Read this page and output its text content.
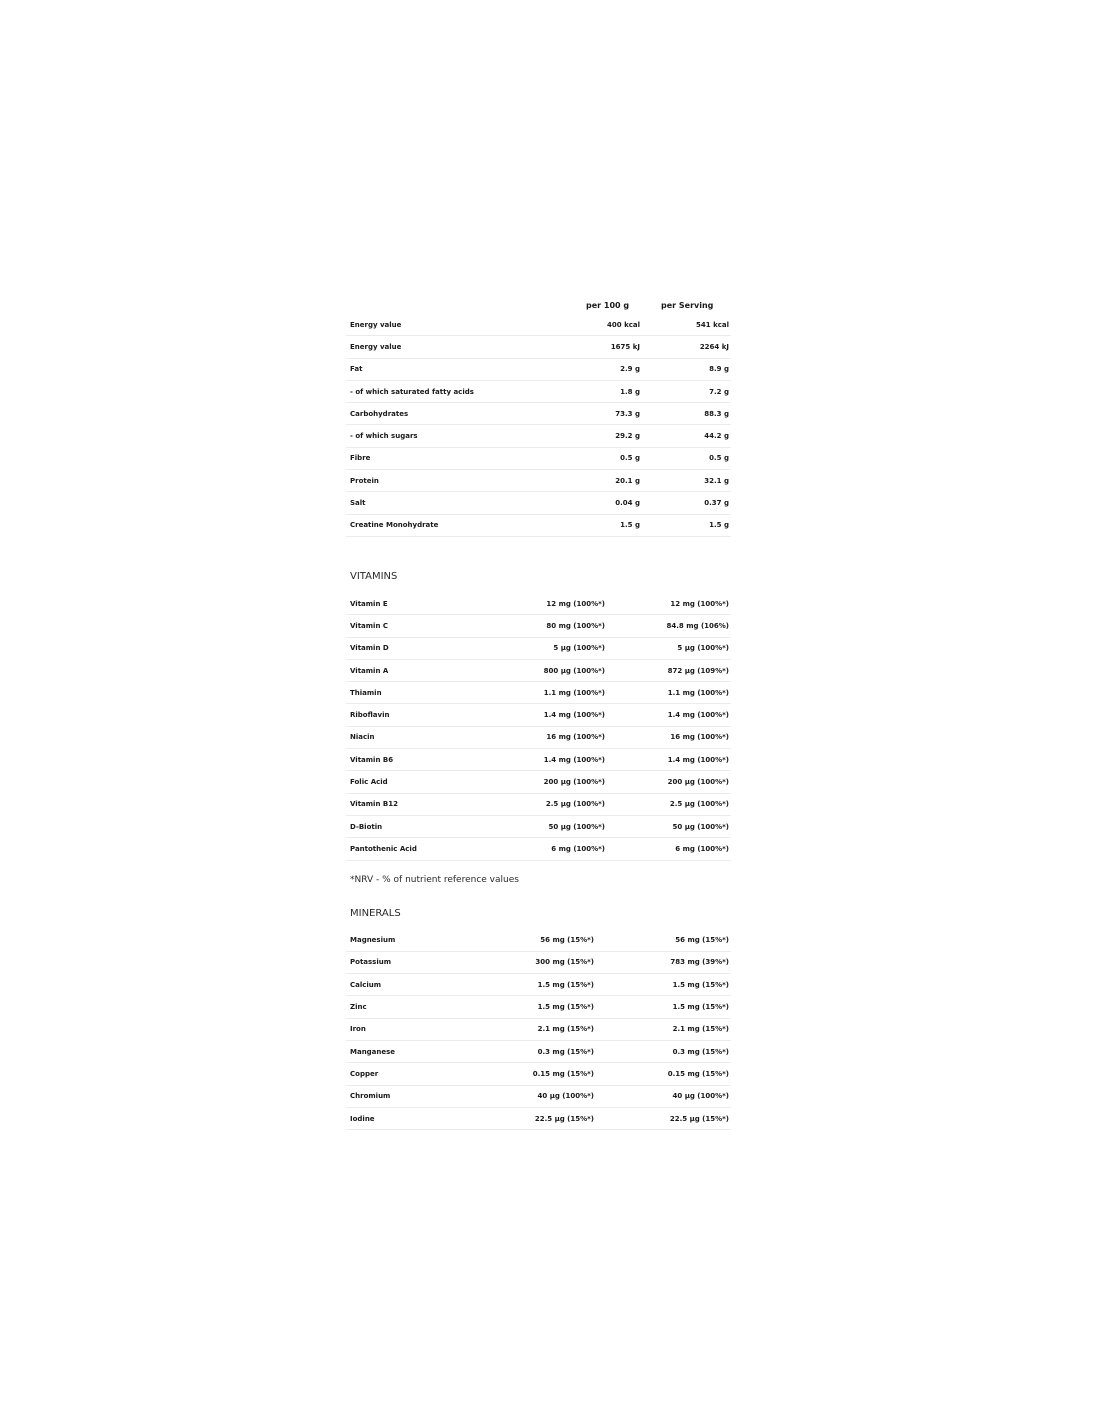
	per 100 g	per Serving
Energy value	400 kcal	541 kcal
Energy value	1675 kJ	2264 kJ
Fat	2.9 g	8.9 g
- of which saturated fatty acids	1.8 g	7.2 g
Carbohydrates	73.3 g	88.3 g
- of which sugars	29.2 g	44.2 g
Fibre	0.5 g	0.5 g
Protein	20.1 g	32.1 g
Salt	0.04 g	0.37 g
Creatine Monohydrate	1.5 g	1.5 g
VITAMINS
Vitamin E	12 mg (100%*)	12 mg (100%*)
Vitamin C	80 mg (100%*)	84.8 mg (106%)
Vitamin D	5 µg (100%*)	5 µg (100%*)
Vitamin A	800 µg (100%*)	872 µg (109%*)
Thiamin	1.1 mg (100%*)	1.1 mg (100%*)
Riboflavin	1.4 mg (100%*)	1.4 mg (100%*)
Niacin	16 mg (100%*)	16 mg (100%*)
Vitamin B6	1.4 mg (100%*)	1.4 mg (100%*)
Folic Acid	200 µg (100%*)	200 µg (100%*)
Vitamin B12	2.5 µg (100%*)	2.5 µg (100%*)
D-Biotin	50 µg (100%*)	50 µg (100%*)
Pantothenic Acid	6 mg (100%*)	6 mg (100%*)
*NRV - % of nutrient reference values
MINERALS
Magnesium	56 mg (15%*)	56 mg (15%*)
Potassium	300 mg (15%*)	783 mg (39%*)
Calcium	1.5 mg (15%*)	1.5 mg (15%*)
Zinc	1.5 mg (15%*)	1.5 mg (15%*)
Iron	2.1 mg (15%*)	2.1 mg (15%*)
Manganese	0.3 mg (15%*)	0.3 mg (15%*)
Copper	0.15 mg (15%*)	0.15 mg (15%*)
Chromium	40 µg (100%*)	40 µg (100%*)
Iodine	22.5 µg (15%*)	22.5 µg (15%*)
